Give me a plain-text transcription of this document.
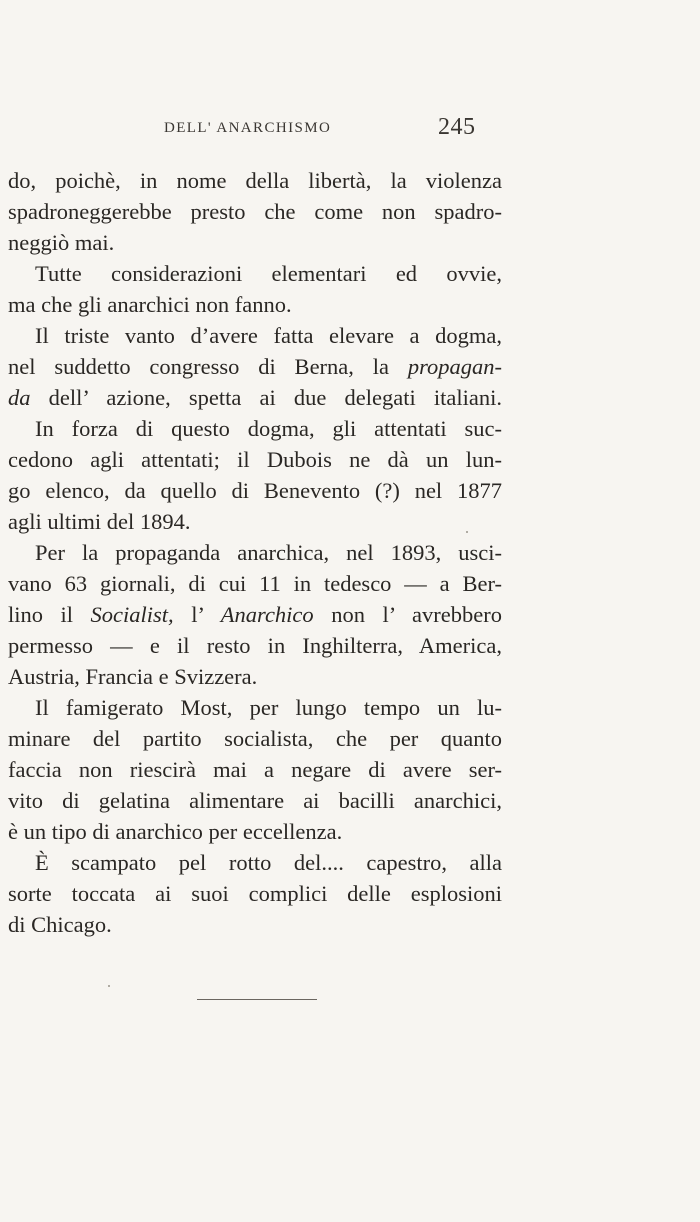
DELL' ANARCHISMO	245
do, poichè, in nome della libertà, la violenza
spadroneggerebbe presto che come non spadro-
neggiò mai.
Tutte considerazioni elementari ed ovvie,
ma che gli anarchici non fanno.
Il triste vanto d’avere fatta elevare a dogma,
nel suddetto congresso di Berna, la propagan-
da dell’ azione, spetta ai due delegati italiani.
In forza di questo dogma, gli attentati suc-
cedono agli attentati; il Dubois ne dà un lun-
go elenco, da quello di Benevento (?) nel 1877
agli ultimi del 1894.
Per la propaganda anarchica, nel 1893, usci-
vano 63 giornali, di cui 11 in tedesco — a Ber-
lino il Socialist, l’ Anarchico non l’ avrebbero
permesso — e il resto in Inghilterra, America,
Austria, Francia e Svizzera.
Il famigerato Most, per lungo tempo un lu-
minare del partito socialista, che per quanto
faccia non riescirà mai a negare di avere ser-
vito di gelatina alimentare ai bacilli anarchici,
è un tipo di anarchico per eccellenza.
È scampato pel rotto del.... capestro, alla
sorte toccata ai suoi complici delle esplosioni
di Chicago.
